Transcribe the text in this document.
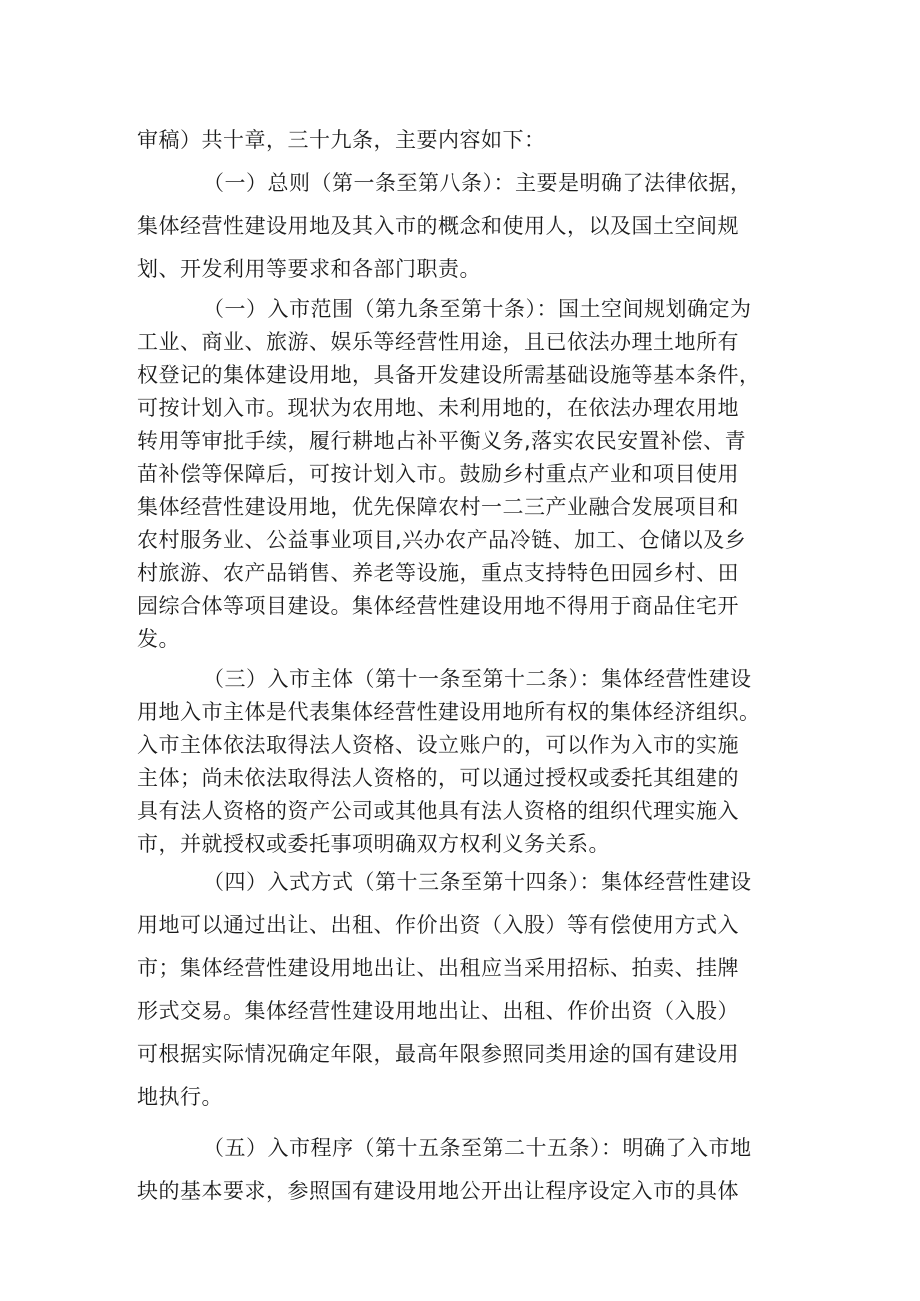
审稿）共十章，三十九条，主要内容如下：
（一）总则（第一条至第八条）：主要是明确了法律依据，
集体经营性建设用地及其入市的概念和使用人，以及国土空间规
划、开发利用等要求和各部门职责。
（一）入市范围（第九条至第十条）：国土空间规划确定为
工业、商业、旅游、娱乐等经营性用途，且已依法办理土地所有
权登记的集体建设用地，具备开发建设所需基础设施等基本条件，
可按计划入市。现状为农用地、未利用地的，在依法办理农用地
转用等审批手续，履行耕地占补平衡义务,落实农民安置补偿、青
苗补偿等保障后，可按计划入市。鼓励乡村重点产业和项目使用
集体经营性建设用地，优先保障农村一二三产业融合发展项目和
农村服务业、公益事业项目,兴办农产品冷链、加工、仓储以及乡
村旅游、农产品销售、养老等设施，重点支持特色田园乡村、田
园综合体等项目建设。集体经营性建设用地不得用于商品住宅开
发。
（三）入市主体（第十一条至第十二条）：集体经营性建设
用地入市主体是代表集体经营性建设用地所有权的集体经济组织。
入市主体依法取得法人资格、设立账户的，可以作为入市的实施
主体；尚未依法取得法人资格的，可以通过授权或委托其组建的
具有法人资格的资产公司或其他具有法人资格的组织代理实施入
市，并就授权或委托事项明确双方权利义务关系。
（四）入式方式（第十三条至第十四条）：集体经营性建设
用地可以通过出让、出租、作价出资（入股）等有偿使用方式入
市；集体经营性建设用地出让、出租应当采用招标、拍卖、挂牌
形式交易。集体经营性建设用地出让、出租、作价出资（入股）
可根据实际情况确定年限，最高年限参照同类用途的国有建设用
地执行。
（五）入市程序（第十五条至第二十五条）：明确了入市地
块的基本要求，参照国有建设用地公开出让程序设定入市的具体
